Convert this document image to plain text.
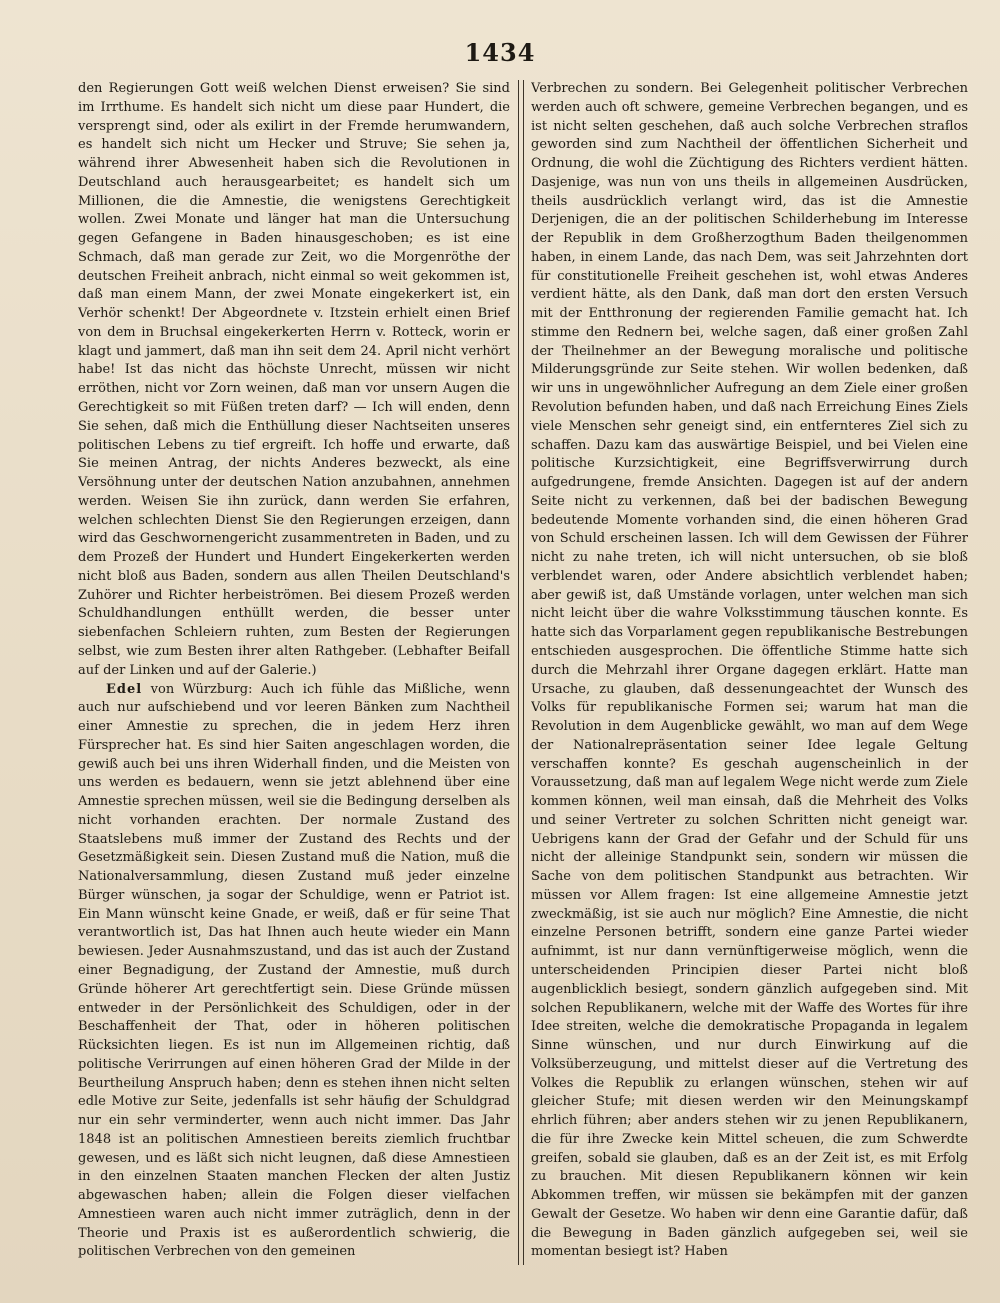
1434

den Regierungen Gott weiß welchen Dienst erweisen? Sie sind im Irrthume. Es handelt sich nicht um diese paar Hundert, die versprengt sind, oder als exilirt in der Fremde herumwandern, es handelt sich nicht um Hecker und Struve; Sie sehen ja, während ihrer Abwesenheit haben sich die Revolutionen in Deutschland auch herausgearbeitet; es handelt sich um Millionen, die die Amnestie, die wenigstens Gerechtigkeit wollen. Zwei Monate und länger hat man die Untersuchung gegen Gefangene in Baden hinausgeschoben; es ist eine Schmach, daß man gerade zur Zeit, wo die Morgenröthe der deutschen Freiheit anbrach, nicht einmal so weit gekommen ist, daß man einem Mann, der zwei Monate eingekerkert ist, ein Verhör schenkt! Der Abgeordnete v. Itzstein erhielt einen Brief von dem in Bruchsal eingekerkerten Herrn v. Rotteck, worin er klagt und jammert, daß man ihn seit dem 24. April nicht verhört habe! Ist das nicht das höchste Unrecht, müssen wir nicht erröthen, nicht vor Zorn weinen, daß man vor unsern Augen die Gerechtigkeit so mit Füßen treten darf? — Ich will enden, denn Sie sehen, daß mich die Enthüllung dieser Nachtseiten unseres politischen Lebens zu tief ergreift. Ich hoffe und erwarte, daß Sie meinen Antrag, der nichts Anderes bezweckt, als eine Versöhnung unter der deutschen Nation anzubahnen, annehmen werden. Weisen Sie ihn zurück, dann werden Sie erfahren, welchen schlechten Dienst Sie den Regierungen erzeigen, dann wird das Geschwornengericht zusammentreten in Baden, und zu dem Prozeß der Hundert und Hundert Eingekerkerten werden nicht bloß aus Baden, sondern aus allen Theilen Deutschland's Zuhörer und Richter herbeiströmen. Bei diesem Prozeß werden Schuldhandlungen enthüllt werden, die besser unter siebenfachen Schleiern ruhten, zum Besten der Regierungen selbst, wie zum Besten ihrer alten Rathgeber. (Lebhafter Beifall auf der Linken und auf der Galerie.)

Edel von Würzburg: Auch ich fühle das Mißliche, wenn auch nur aufschiebend und vor leeren Bänken zum Nachtheil einer Amnestie zu sprechen, die in jedem Herz ihren Fürsprecher hat. Es sind hier Saiten angeschlagen worden, die gewiß auch bei uns ihren Widerhall finden, und die Meisten von uns werden es bedauern, wenn sie jetzt ablehnend über eine Amnestie sprechen müssen, weil sie die Bedingung derselben als nicht vorhanden erachten. Der normale Zustand des Staatslebens muß immer der Zustand des Rechts und der Gesetzmäßigkeit sein. Diesen Zustand muß die Nation, muß die Nationalversammlung, diesen Zustand muß jeder einzelne Bürger wünschen, ja sogar der Schuldige, wenn er Patriot ist. Ein Mann wünscht keine Gnade, er weiß, daß er für seine That verantwortlich ist, Das hat Ihnen auch heute wieder ein Mann bewiesen. Jeder Ausnahmszustand, und das ist auch der Zustand einer Begnadigung, der Zustand der Amnestie, muß durch Gründe höherer Art gerechtfertigt sein. Diese Gründe müssen entweder in der Persönlichkeit des Schuldigen, oder in der Beschaffenheit der That, oder in höheren politischen Rücksichten liegen. Es ist nun im Allgemeinen richtig, daß politische Verirrungen auf einen höheren Grad der Milde in der Beurtheilung Anspruch haben; denn es stehen ihnen nicht selten edle Motive zur Seite, jedenfalls ist sehr häufig der Schuldgrad nur ein sehr verminderter, wenn auch nicht immer. Das Jahr 1848 ist an politischen Amnestieen bereits ziemlich fruchtbar gewesen, und es läßt sich nicht leugnen, daß diese Amnestieen in den einzelnen Staaten manchen Flecken der alten Justiz abgewaschen haben; allein die Folgen dieser vielfachen Amnestieen waren auch nicht immer zuträglich, denn in der Theorie und Praxis ist es außerordentlich schwierig, die politischen Verbrechen von den gemeinen

Verbrechen zu sondern. Bei Gelegenheit politischer Verbrechen werden auch oft schwere, gemeine Verbrechen begangen, und es ist nicht selten geschehen, daß auch solche Verbrechen straflos geworden sind zum Nachtheil der öffentlichen Sicherheit und Ordnung, die wohl die Züchtigung des Richters verdient hätten. Dasjenige, was nun von uns theils in allgemeinen Ausdrücken, theils ausdrücklich verlangt wird, das ist die Amnestie Derjenigen, die an der politischen Schilderhebung im Interesse der Republik in dem Großherzogthum Baden theilgenommen haben, in einem Lande, das nach Dem, was seit Jahrzehnten dort für constitutionelle Freiheit geschehen ist, wohl etwas Anderes verdient hätte, als den Dank, daß man dort den ersten Versuch mit der Entthronung der regierenden Familie gemacht hat. Ich stimme den Rednern bei, welche sagen, daß einer großen Zahl der Theilnehmer an der Bewegung moralische und politische Milderungsgründe zur Seite stehen. Wir wollen bedenken, daß wir uns in ungewöhnlicher Aufregung an dem Ziele einer großen Revolution befunden haben, und daß nach Erreichung Eines Ziels viele Menschen sehr geneigt sind, ein entfernteres Ziel sich zu schaffen. Dazu kam das auswärtige Beispiel, und bei Vielen eine politische Kurzsichtigkeit, eine Begriffsverwirrung durch aufgedrungene, fremde Ansichten. Dagegen ist auf der andern Seite nicht zu verkennen, daß bei der badischen Bewegung bedeutende Momente vorhanden sind, die einen höheren Grad von Schuld erscheinen lassen. Ich will dem Gewissen der Führer nicht zu nahe treten, ich will nicht untersuchen, ob sie bloß verblendet waren, oder Andere absichtlich verblendet haben; aber gewiß ist, daß Umstände vorlagen, unter welchen man sich nicht leicht über die wahre Volksstimmung täuschen konnte. Es hatte sich das Vorparlament gegen republikanische Bestrebungen entschieden ausgesprochen. Die öffentliche Stimme hatte sich durch die Mehrzahl ihrer Organe dagegen erklärt. Hatte man Ursache, zu glauben, daß dessenungeachtet der Wunsch des Volks für republikanische Formen sei; warum hat man die Revolution in dem Augenblicke gewählt, wo man auf dem Wege der Nationalrepräsentation seiner Idee legale Geltung verschaffen konnte? Es geschah augenscheinlich in der Voraussetzung, daß man auf legalem Wege nicht werde zum Ziele kommen können, weil man einsah, daß die Mehrheit des Volks und seiner Vertreter zu solchen Schritten nicht geneigt war. Uebrigens kann der Grad der Gefahr und der Schuld für uns nicht der alleinige Standpunkt sein, sondern wir müssen die Sache von dem politischen Standpunkt aus betrachten. Wir müssen vor Allem fragen: Ist eine allgemeine Amnestie jetzt zweckmäßig, ist sie auch nur möglich? Eine Amnestie, die nicht einzelne Personen betrifft, sondern eine ganze Partei wieder aufnimmt, ist nur dann vernünftigerweise möglich, wenn die unterscheidenden Principien dieser Partei nicht bloß augenblicklich besiegt, sondern gänzlich aufgegeben sind. Mit solchen Republikanern, welche mit der Waffe des Wortes für ihre Idee streiten, welche die demokratische Propaganda in legalem Sinne wünschen, und nur durch Einwirkung auf die Volksüberzeugung, und mittelst dieser auf die Vertretung des Volkes die Republik zu erlangen wünschen, stehen wir auf gleicher Stufe; mit diesen werden wir den Meinungskampf ehrlich führen; aber anders stehen wir zu jenen Republikanern, die für ihre Zwecke kein Mittel scheuen, die zum Schwerdte greifen, sobald sie glauben, daß es an der Zeit ist, es mit Erfolg zu brauchen. Mit diesen Republikanern können wir kein Abkommen treffen, wir müssen sie bekämpfen mit der ganzen Gewalt der Gesetze. Wo haben wir denn eine Garantie dafür, daß die Bewegung in Baden gänzlich aufgegeben sei, weil sie momentan besiegt ist? Haben
